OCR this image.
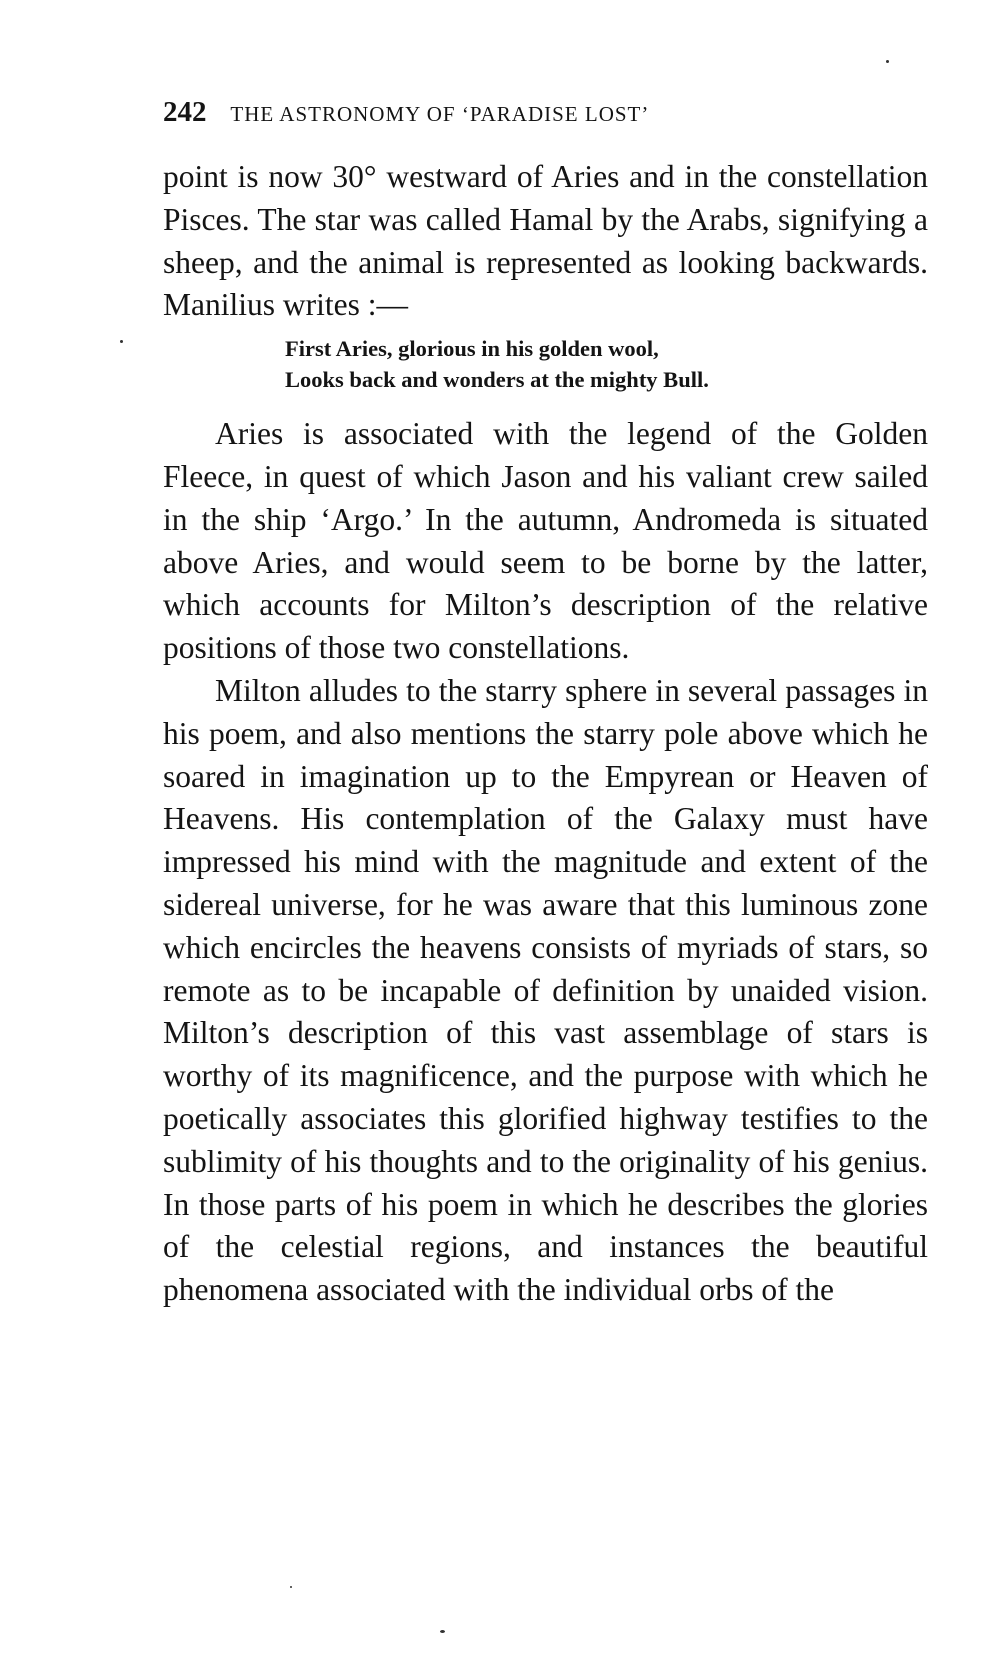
242 THE ASTRONOMY OF ‘PARADISE LOST’

point is now 30° westward of Aries and in the constellation Pisces. The star was called Hamal by the Arabs, signifying a sheep, and the animal is represented as looking backwards. Manilius writes :—

First Aries, glorious in his golden wool,
Looks back and wonders at the mighty Bull.

Aries is associated with the legend of the Golden Fleece, in quest of which Jason and his valiant crew sailed in the ship ‘Argo.’ In the autumn, Andromeda is situated above Aries, and would seem to be borne by the latter, which accounts for Milton’s description of the relative positions of those two constellations.

Milton alludes to the starry sphere in several passages in his poem, and also mentions the starry pole above which he soared in imagination up to the Empyrean or Heaven of Heavens. His contemplation of the Galaxy must have impressed his mind with the magnitude and extent of the sidereal universe, for he was aware that this luminous zone which encircles the heavens consists of myriads of stars, so remote as to be incapable of definition by unaided vision. Milton’s description of this vast assemblage of stars is worthy of its magnificence, and the purpose with which he poetically associates this glorified highway testifies to the sublimity of his thoughts and to the originality of his genius. In those parts of his poem in which he describes the glories of the celestial regions, and instances the beautiful phenomena associated with the individual orbs of the
